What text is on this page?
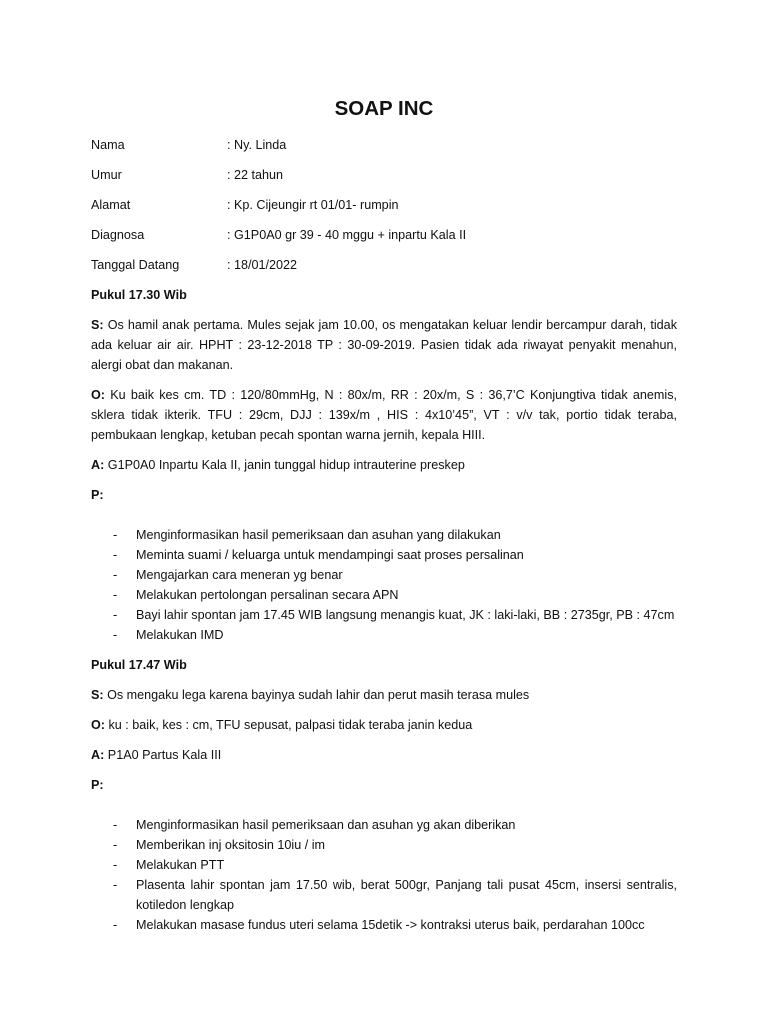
SOAP INC
Nama	: Ny. Linda
Umur	: 22 tahun
Alamat	: Kp. Cijeungir rt 01/01- rumpin
Diagnosa	: G1P0A0 gr 39 - 40 mggu + inpartu Kala II
Tanggal Datang	: 18/01/2022
Pukul 17.30 Wib

S: Os hamil anak pertama. Mules sejak jam 10.00, os mengatakan keluar lendir bercampur darah, tidak ada keluar air air. HPHT : 23-12-2018 TP : 30-09-2019. Pasien tidak ada riwayat penyakit menahun, alergi obat dan makanan.

O: Ku baik kes cm. TD : 120/80mmHg, N : 80x/m, RR : 20x/m, S : 36,7’C Konjungtiva tidak anemis, sklera tidak ikterik. TFU : 29cm, DJJ : 139x/m , HIS : 4x10’45”, VT : v/v tak, portio tidak teraba, pembukaan lengkap, ketuban pecah spontan warna jernih, kepala HIII.

A: G1P0A0 Inpartu Kala II, janin tunggal hidup intrauterine preskep

P:

- Menginformasikan hasil pemeriksaan dan asuhan yang dilakukan
- Meminta suami / keluarga untuk mendampingi saat proses persalinan
- Mengajarkan cara meneran yg benar
- Melakukan pertolongan persalinan secara APN
- Bayi lahir spontan jam 17.45 WIB langsung menangis kuat, JK : laki-laki, BB : 2735gr, PB : 47cm
- Melakukan IMD
Pukul 17.47 Wib

S: Os mengaku lega karena bayinya sudah lahir dan perut masih terasa mules

O: ku : baik, kes : cm, TFU sepusat, palpasi tidak teraba janin kedua

A: P1A0 Partus Kala III

P:

- Menginformasikan hasil pemeriksaan dan asuhan yg akan diberikan
- Memberikan inj oksitosin 10iu / im
- Melakukan PTT
- Plasenta lahir spontan jam 17.50 wib, berat 500gr, Panjang tali pusat 45cm, insersi sentralis, kotiledon lengkap
- Melakukan masase fundus uteri selama 15detik -> kontraksi uterus baik, perdarahan 100cc
